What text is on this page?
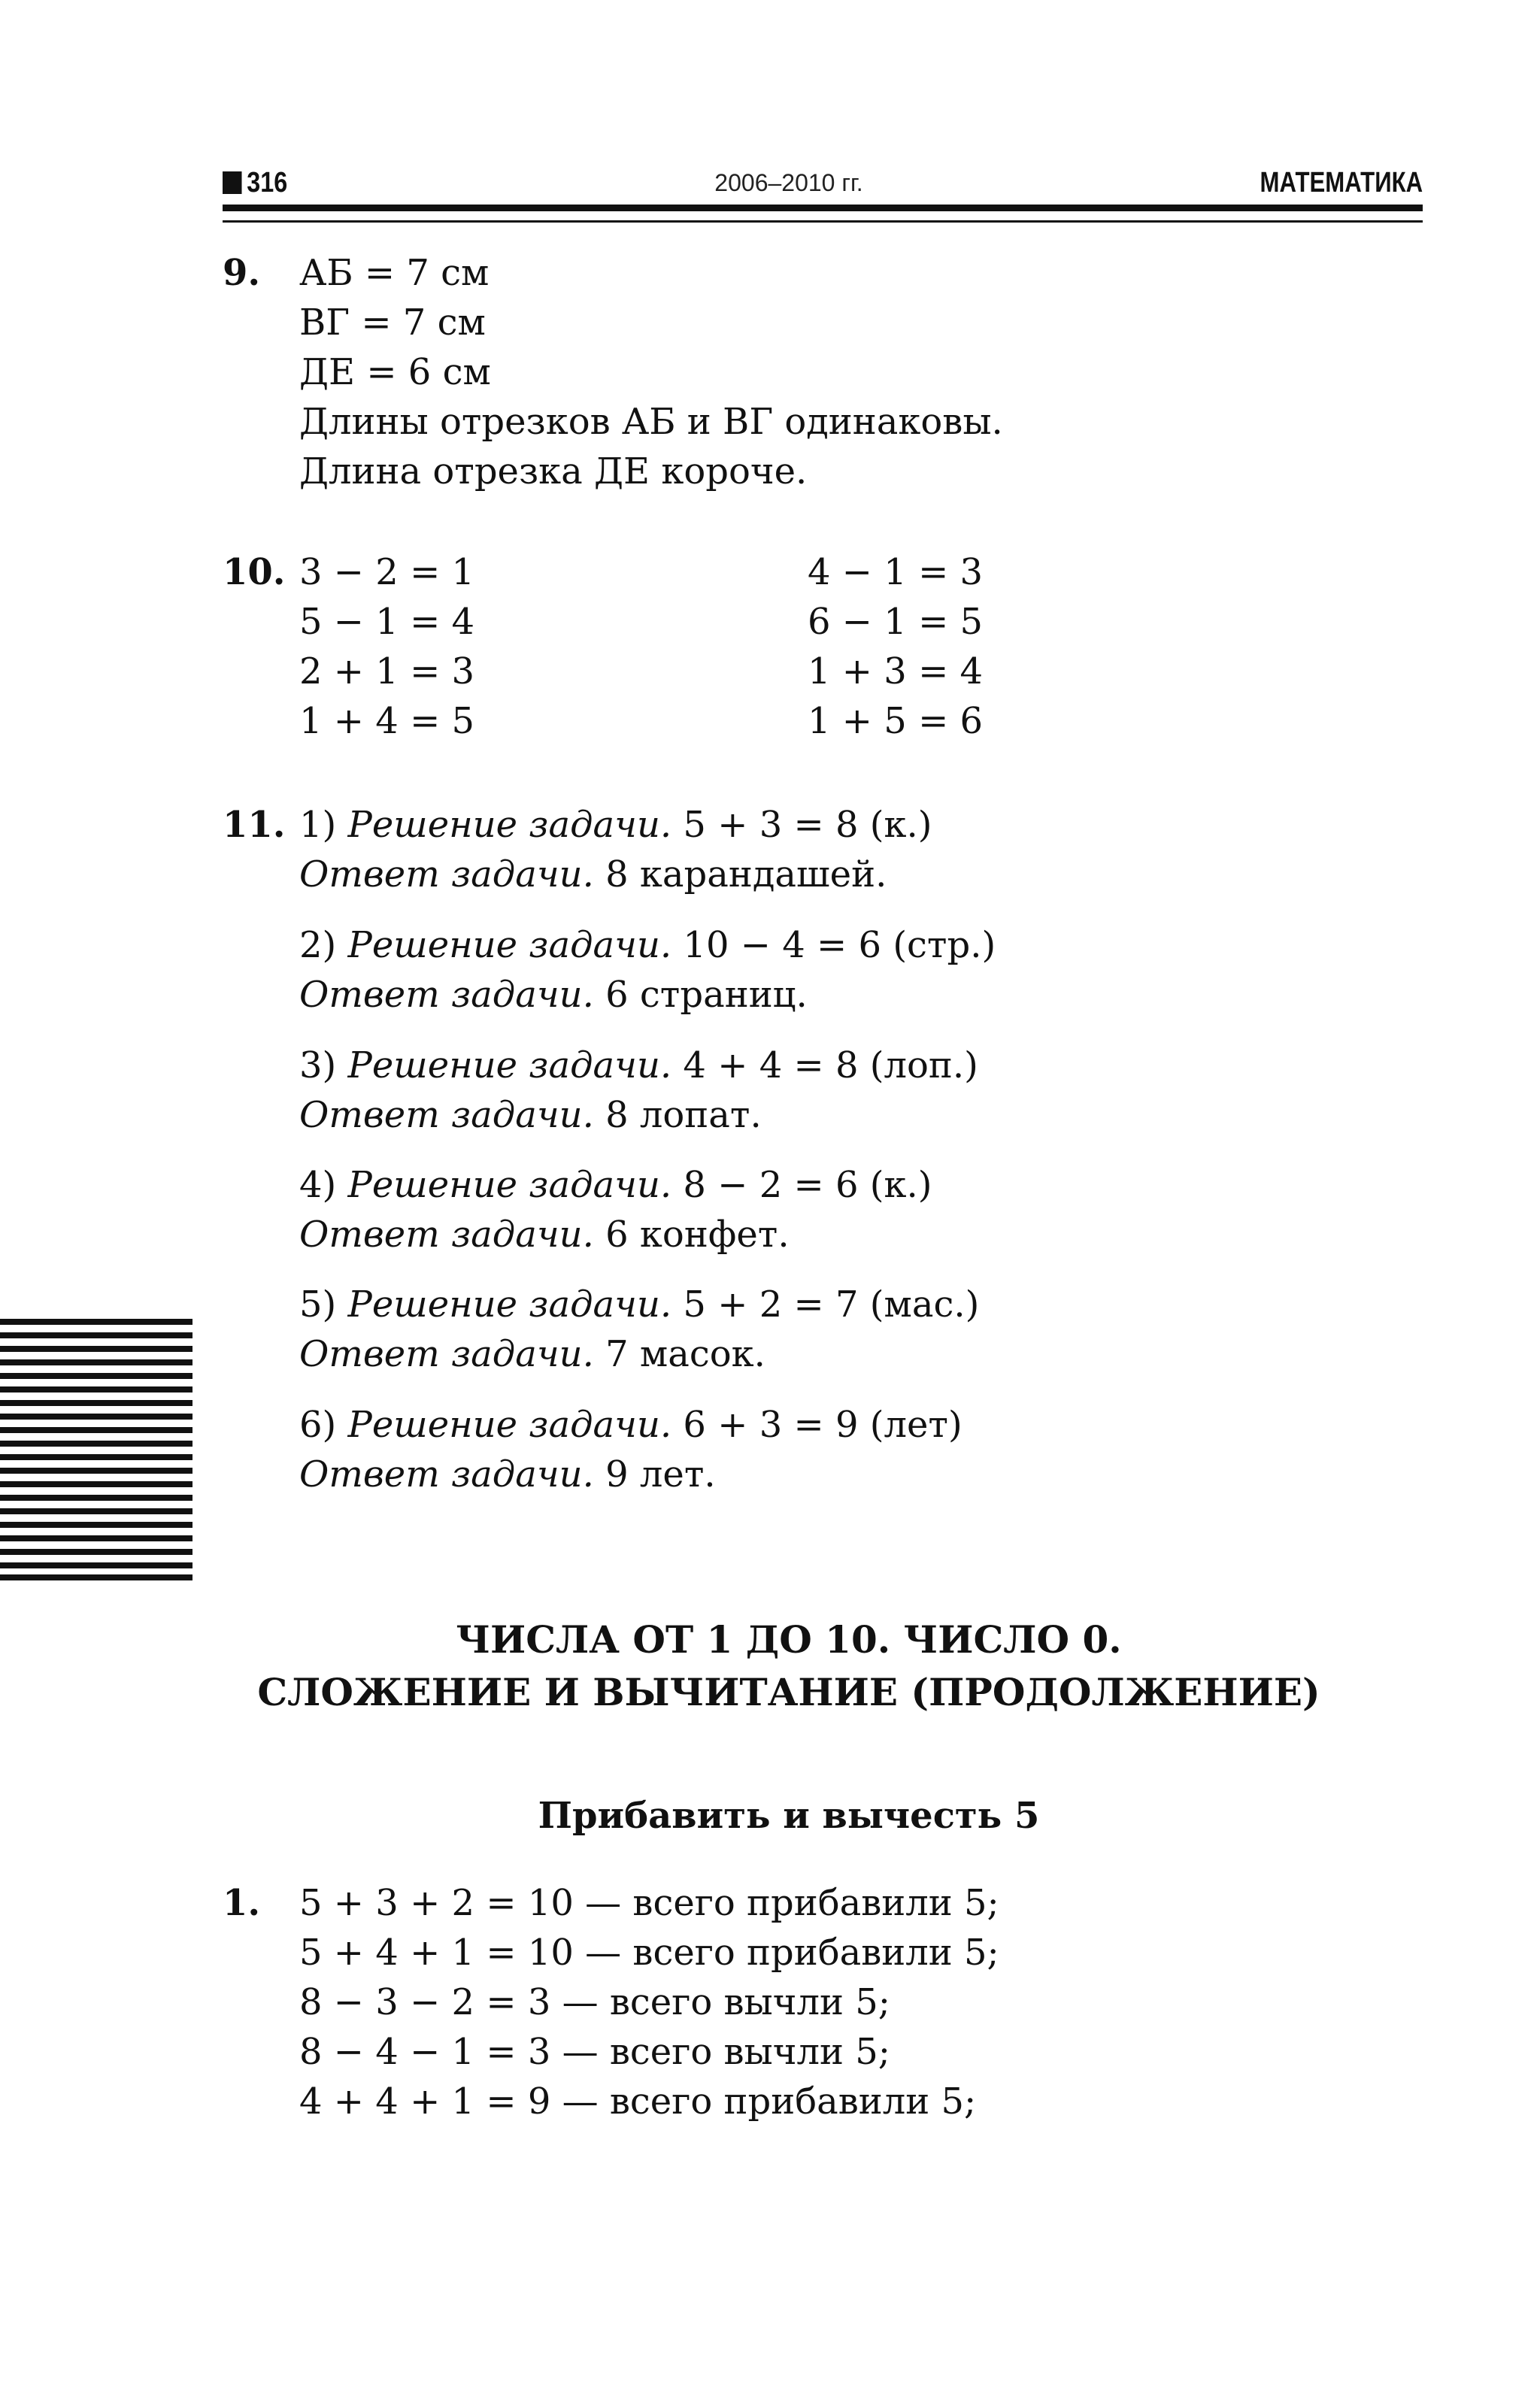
316	2006–2010 гг.	МАТЕМАТИКА
9. АБ = 7 см
ВГ = 7 см
ДЕ = 6 см
Длины отрезков АБ и ВГ одинаковы.
Длина отрезка ДЕ короче.
10. 3 − 2 = 1
5 − 1 = 4
2 + 1 = 3
1 + 4 = 5
4 − 1 = 3
6 − 1 = 5
1 + 3 = 4
1 + 5 = 6
11. 1) Решение задачи. 5 + 3 = 8 (к.)
Ответ задачи. 8 карандашей.
2) Решение задачи. 10 − 4 = 6 (стр.)
Ответ задачи. 6 страниц.
3) Решение задачи. 4 + 4 = 8 (лоп.)
Ответ задачи. 8 лопат.
4) Решение задачи. 8 − 2 = 6 (к.)
Ответ задачи. 6 конфет.
5) Решение задачи. 5 + 2 = 7 (мас.)
Ответ задачи. 7 масок.
6) Решение задачи. 6 + 3 = 9 (лет)
Ответ задачи. 9 лет.
ЧИСЛА ОТ 1 ДО 10. ЧИСЛО 0.
СЛОЖЕНИЕ И ВЫЧИТАНИЕ (ПРОДОЛЖЕНИЕ)
Прибавить и вычесть 5
1. 5 + 3 + 2 = 10 — всего прибавили 5;
5 + 4 + 1 = 10 — всего прибавили 5;
8 − 3 − 2 = 3 — всего вычли 5;
8 − 4 − 1 = 3 — всего вычли 5;
4 + 4 + 1 = 9 — всего прибавили 5;
